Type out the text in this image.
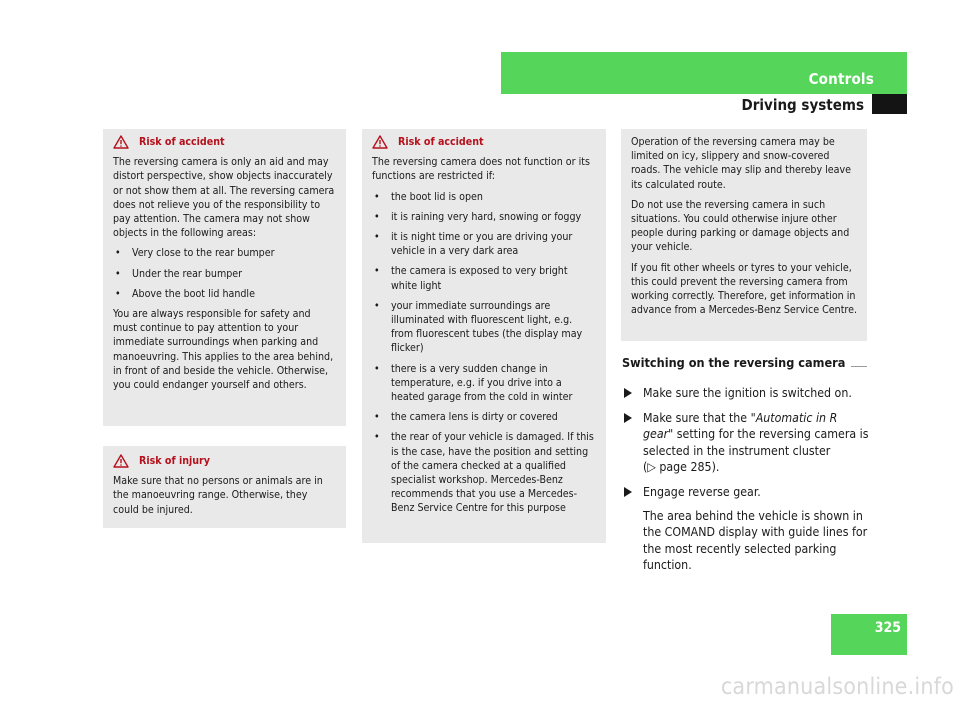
Controls
Driving systems
Risk of accident

The reversing camera is only an aid and may distort perspective, show objects inaccurately or not show them at all. The reversing camera does not relieve you of the responsibility to pay attention. The camera may not show objects in the following areas:

• Very close to the rear bumper
• Under the rear bumper
• Above the boot lid handle

You are always responsible for safety and must continue to pay attention to your immediate surroundings when parking and manoeuvring. This applies to the area behind, in front of and beside the vehicle. Otherwise, you could endanger yourself and others.

Risk of injury

Make sure that no persons or animals are in the manoeuvring range. Otherwise, they could be injured.

Risk of accident

The reversing camera does not function or its functions are restricted if:

• the boot lid is open
• it is raining very hard, snowing or foggy
• it is night time or you are driving your vehicle in a very dark area
• the camera is exposed to very bright white light
• your immediate surroundings are illuminated with fluorescent light, e.g. from fluorescent tubes (the display may flicker)
• there is a very sudden change in temperature, e.g. if you drive into a heated garage from the cold in winter
• the camera lens is dirty or covered
• the rear of your vehicle is damaged. If this is the case, have the position and setting of the camera checked at a qualified specialist workshop. Mercedes-Benz recommends that you use a Mercedes-Benz Service Centre for this purpose

Operation of the reversing camera may be limited on icy, slippery and snow-covered roads. The vehicle may slip and thereby leave its calculated route.

Do not use the reversing camera in such situations. You could otherwise injure other people during parking or damage objects and your vehicle.

If you fit other wheels or tyres to your vehicle, this could prevent the reversing camera from working correctly. Therefore, get information in advance from a Mercedes-Benz Service Centre.

Switching on the reversing camera
Make sure the ignition is switched on.
Make sure that the "Automatic in R gear" setting for the reversing camera is selected in the instrument cluster
(▷ page 285).
Engage reverse gear.
The area behind the vehicle is shown in the COMAND display with guide lines for the most recently selected parking function.
325
carmanualsonline.info
